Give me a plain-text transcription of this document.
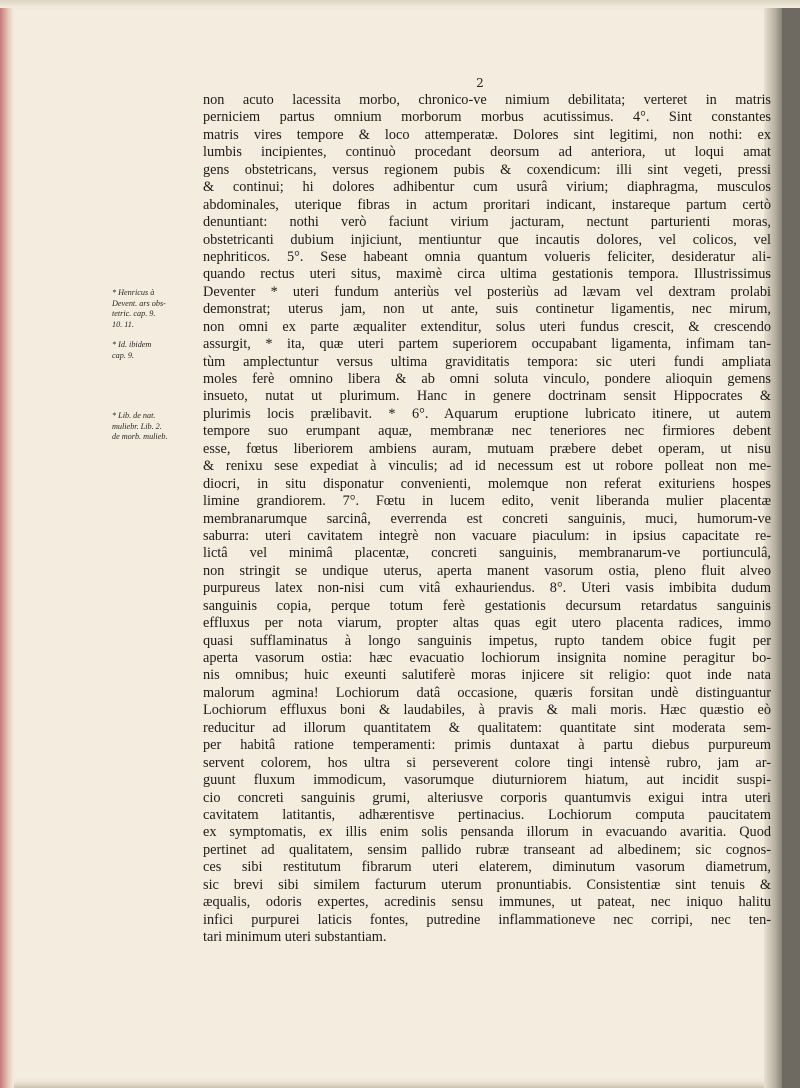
2
non acuto lacessita morbo, chronico-ve nimium debilitata; verteret in matris
perniciem partus omnium morborum morbus acutissimus. 4°. Sint constantes
matris vires tempore & loco attemperatæ. Dolores sint legitimi, non nothi: ex
lumbis incipientes, continuò procedant deorsum ad anteriora, ut loqui amat
gens obstetricans, versus regionem pubis & coxendicum: illi sint vegeti, pressi
& continui; hi dolores adhibentur cum usurâ virium; diaphragma, musculos
abdominales, uterique fibras in actum proritari indicant, instareque partum certò
denuntiant: nothi verò faciunt virium jacturam, nectunt parturienti moras,
obstetricanti dubium injiciunt, mentiuntur que incautis dolores, vel colicos, vel
nephriticos. 5°. Sese habeant omnia quantum volueris feliciter, desideratur ali-
quando rectus uteri situs, maximè circa ultima gestationis tempora. Illustrissimus
Deventer * uteri fundum anteriùs vel posteriùs ad lævam vel dextram prolabi
demonstrat; uterus jam, non ut ante, suis continetur ligamentis, nec mirum,
non omni ex parte æqualiter extenditur, solus uteri fundus crescit, & crescendo
assurgit, * ita, quæ uteri partem superiorem occupabant ligamenta, infimam tan-
tùm amplectuntur versus ultima graviditatis tempora: sic uteri fundi ampliata
moles ferè omnino libera & ab omni soluta vinculo, pondere alioquin gemens
insueto, nutat ut plurimum. Hanc in genere doctrinam sensit Hippocrates &
plurimis locis prælibavit. * 6°. Aquarum eruptione lubricato itinere, ut autem
tempore suo erumpant aquæ, membranæ nec teneriores nec firmiores debent
esse, fœtus liberiorem ambiens auram, mutuam præbere debet operam, ut nisu
& renixu sese expediat à vinculis; ad id necessum est ut robore polleat non me-
diocri, in situ disponatur convenienti, molemque non referat exituriens hospes
limine grandiorem. 7°. Fœtu in lucem edito, venit liberanda mulier placentæ
membranarumque sarcinâ, everrenda est concreti sanguinis, muci, humorum-ve
saburra: uteri cavitatem integrè non vacuare piaculum: in ipsius capacitate re-
lictâ vel minimâ placentæ, concreti sanguinis, membranarum-ve portiunculâ,
non stringit se undique uterus, aperta manent vasorum ostia, pleno fluit alveo
purpureus latex non-nisi cum vitâ exhauriendus. 8°. Uteri vasis imbibita dudum
sanguinis copia, perque totum ferè gestationis decursum retardatus sanguinis
effluxus per nota viarum, propter altas quas egit utero placenta radices, immo
quasi sufflaminatus à longo sanguinis impetus, rupto tandem obice fugit per
aperta vasorum ostia: hæc evacuatio lochiorum insignita nomine peragitur bo-
nis omnibus; huic exeunti salutiferè moras injicere sit religio: quot inde nata
malorum agmina! Lochiorum datâ occasione, quæris forsitan undè distinguantur
Lochiorum effluxus boni & laudabiles, à pravis & mali moris. Hæc quæstio eò
reducitur ad illorum quantitatem & qualitatem: quantitate sint moderata sem-
per habitâ ratione temperamenti: primis duntaxat à partu diebus purpureum
servent colorem, hos ultra si perseverent colore tingi intensè rubro, jam ar-
guunt fluxum immodicum, vasorumque diuturniorem hiatum, aut incidit suspi-
cio concreti sanguinis grumi, alteriusve corporis quantumvis exigui intra uteri
cavitatem latitantis, adhærentisve pertinacius. Lochiorum computa paucitatem
ex symptomatis, ex illis enim solis pensanda illorum in evacuando avaritia. Quod
pertinet ad qualitatem, sensim pallido rubræ transeant ad albedinem; sic cognos-
ces sibi restitutum fibrarum uteri elaterem, diminutum vasorum diametrum,
sic brevi sibi similem facturum uterum pronuntiabis. Consistentiæ sint tenuis &
æqualis, odoris expertes, acredinis sensu immunes, ut pateat, nec iniquo halitu
infici purpurei laticis fontes, putredine inflammationeve nec corripi, nec ten-
tari minimum uteri substantiam.
* Henricus à
Devent. ars obs-
tetric. cap. 9.
10. 11.
* Id. ibidem
cap. 9.
* Lib. de nat.
muliebr. Lib. 2.
de morb. mulieb.
